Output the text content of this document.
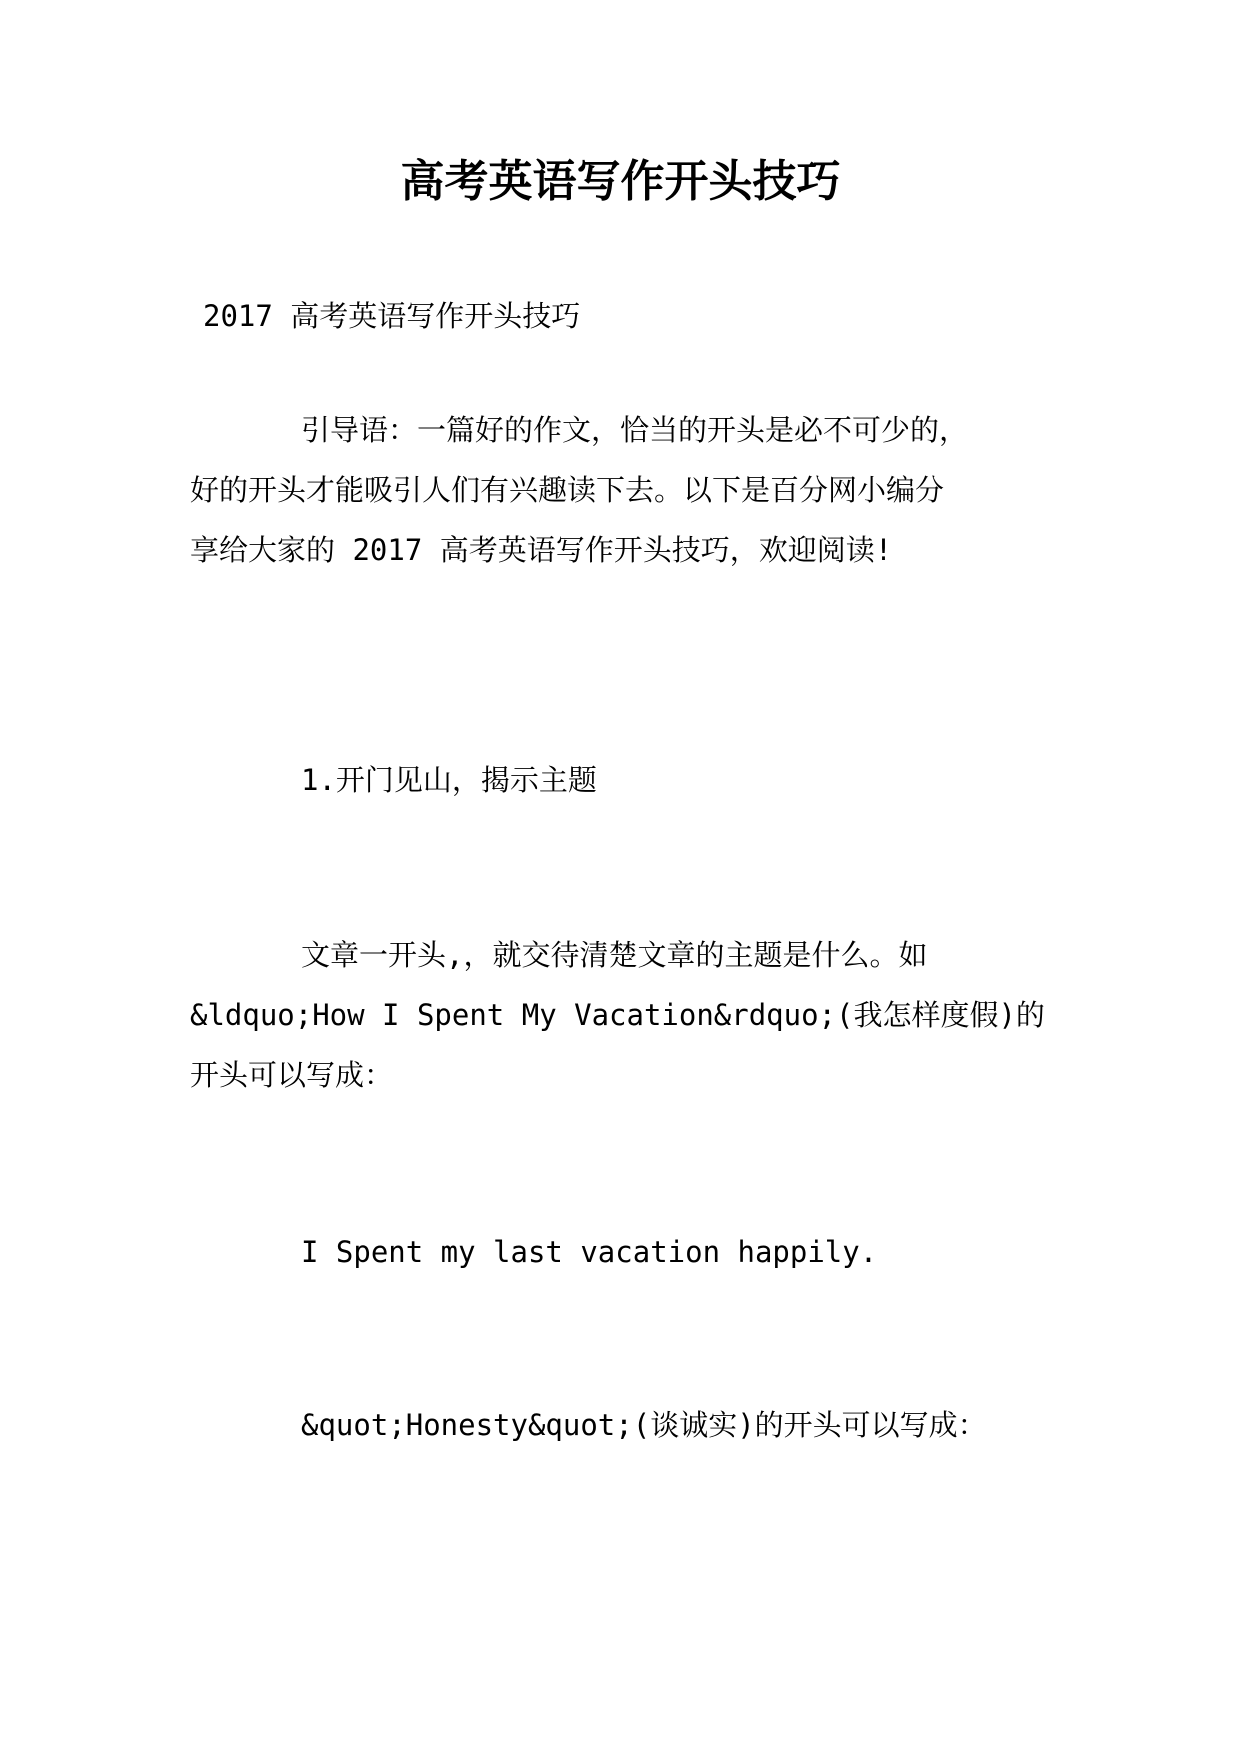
高考英语写作开头技巧
2017 高考英语写作开头技巧
引导语：一篇好的作文，恰当的开头是必不可少的，
好的开头才能吸引人们有兴趣读下去。以下是百分网小编分
享给大家的 2017 高考英语写作开头技巧，欢迎阅读!
1.开门见山，揭示主题
文章一开头,，就交待清楚文章的主题是什么。如
&ldquo;How I Spent My Vacation&rdquo;(我怎样度假)的
开头可以写成：
I Spent my last vacation happily.
&quot;Honesty&quot;(谈诚实)的开头可以写成：
